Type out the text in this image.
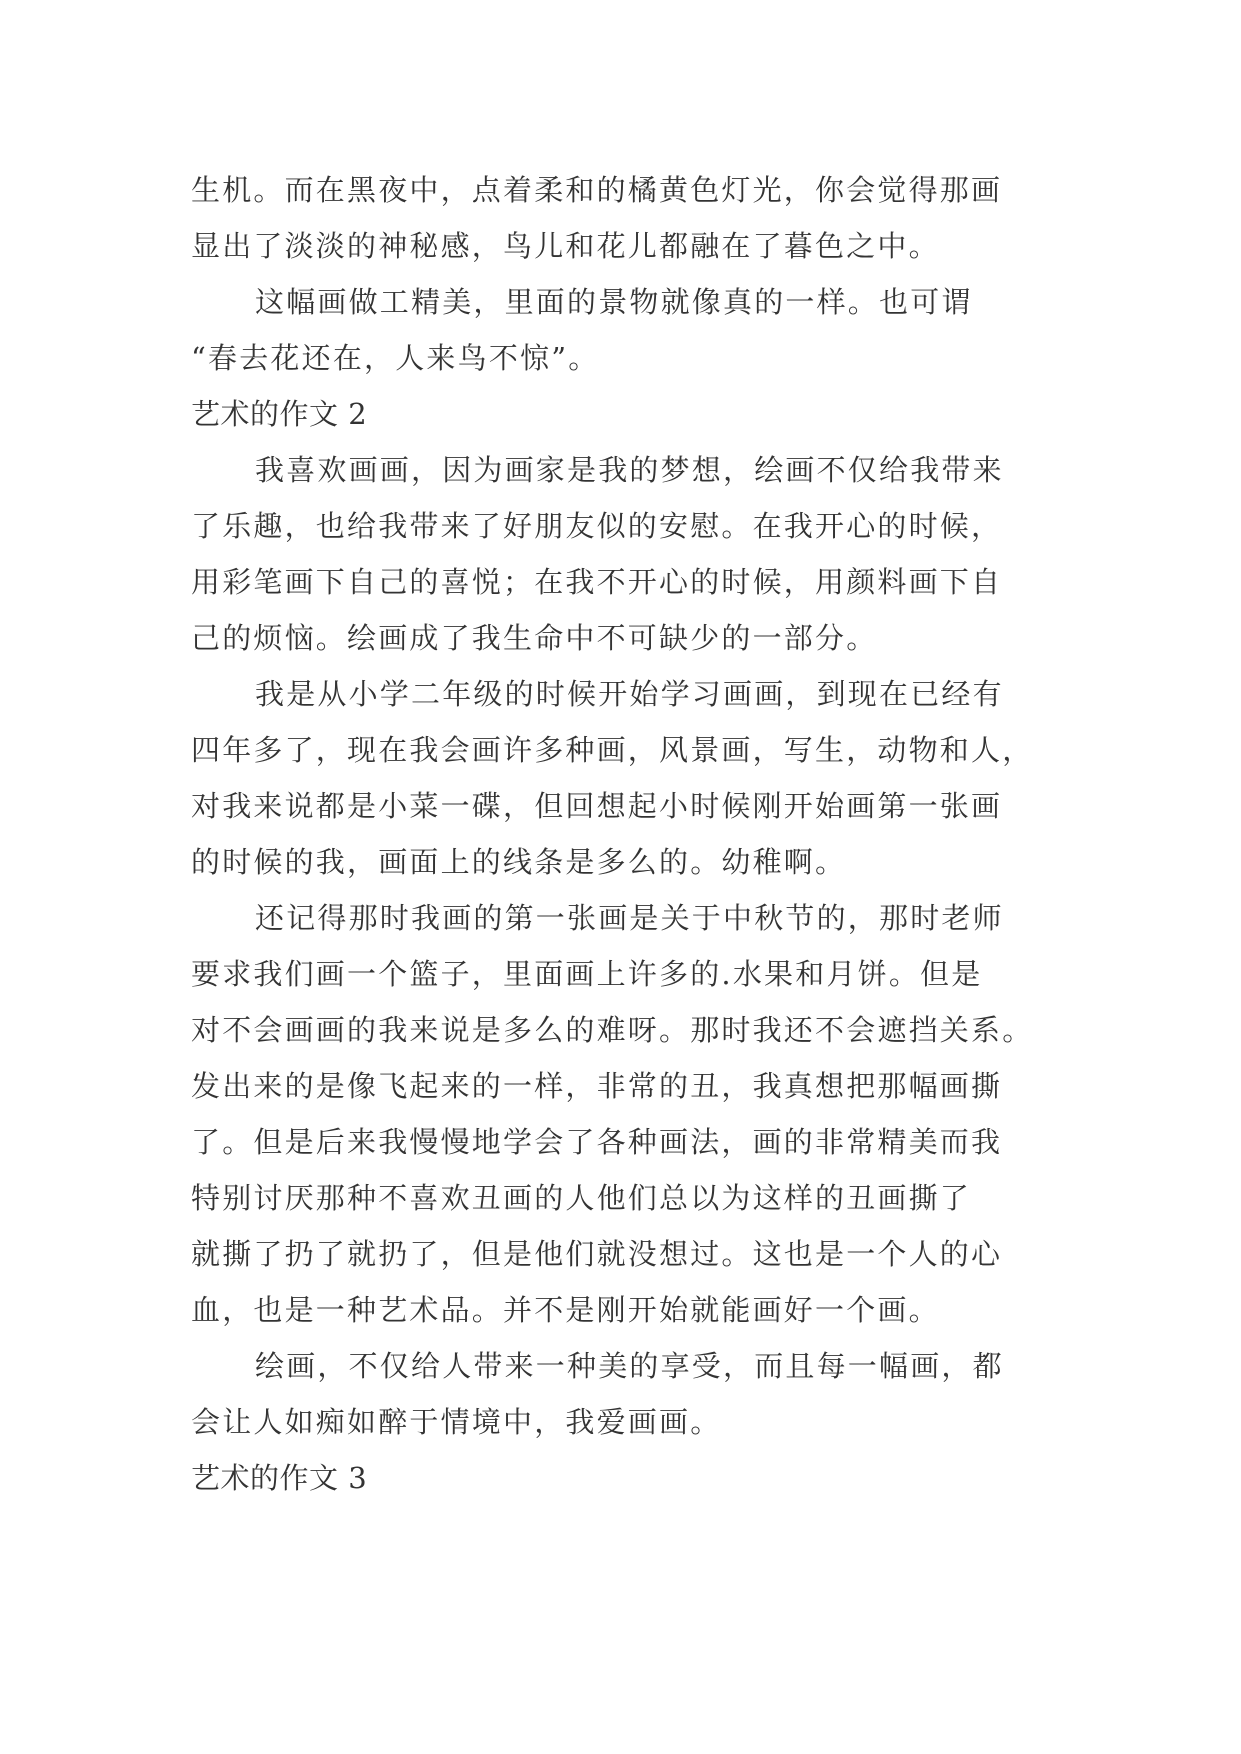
生机。而在黑夜中，点着柔和的橘黄色灯光，你会觉得那画
显出了淡淡的神秘感，鸟儿和花儿都融在了暮色之中。
这幅画做工精美，里面的景物就像真的一样。也可谓
“春去花还在，人来鸟不惊”。
艺术的作文 2
我喜欢画画，因为画家是我的梦想，绘画不仅给我带来
了乐趣，也给我带来了好朋友似的安慰。在我开心的时候，
用彩笔画下自己的喜悦；在我不开心的时候，用颜料画下自
己的烦恼。绘画成了我生命中不可缺少的一部分。
我是从小学二年级的时候开始学习画画，到现在已经有
四年多了，现在我会画许多种画，风景画，写生，动物和人，
对我来说都是小菜一碟，但回想起小时候刚开始画第一张画
的时候的我，画面上的线条是多么的。幼稚啊。
还记得那时我画的第一张画是关于中秋节的，那时老师
要求我们画一个篮子，里面画上许多的.水果和月饼。但是
对不会画画的我来说是多么的难呀。那时我还不会遮挡关系。
发出来的是像飞起来的一样，非常的丑，我真想把那幅画撕
了。但是后来我慢慢地学会了各种画法，画的非常精美而我
特别讨厌那种不喜欢丑画的人他们总以为这样的丑画撕了
就撕了扔了就扔了，但是他们就没想过。这也是一个人的心
血，也是一种艺术品。并不是刚开始就能画好一个画。
绘画，不仅给人带来一种美的享受，而且每一幅画，都
会让人如痴如醉于情境中，我爱画画。
艺术的作文 3
